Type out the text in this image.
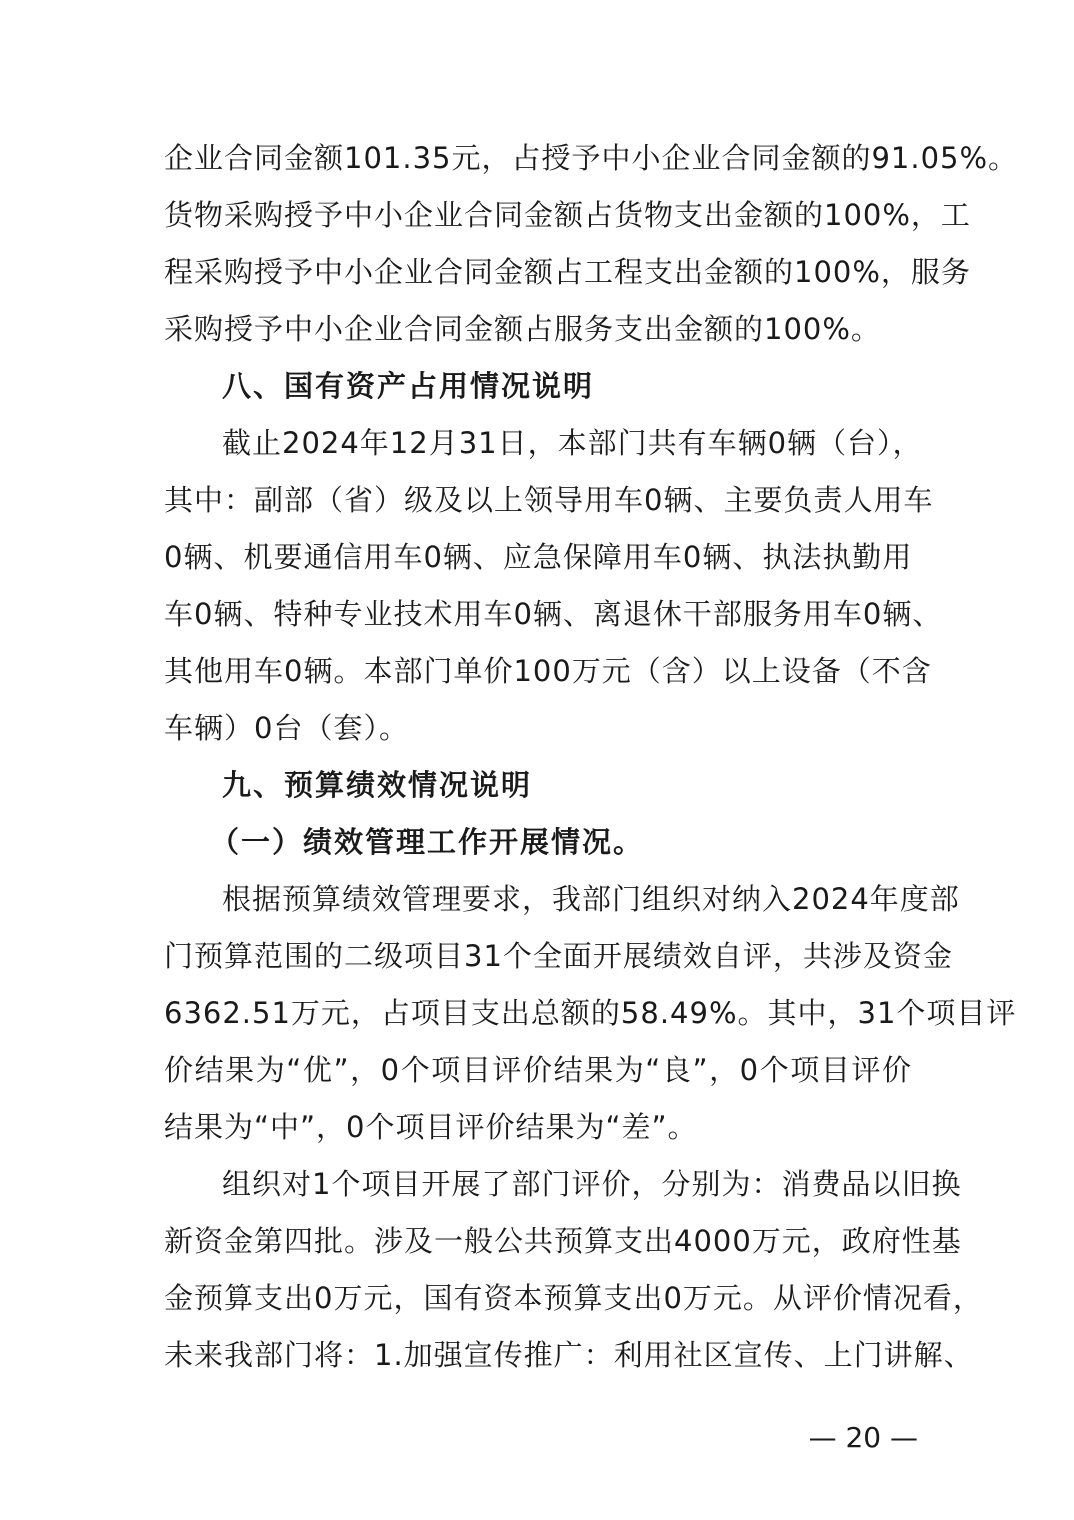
企业合同金额101.35元，占授予中小企业合同金额的91.05%。
货物采购授予中小企业合同金额占货物支出金额的100%，工
程采购授予中小企业合同金额占工程支出金额的100%，服务
采购授予中小企业合同金额占服务支出金额的100%。
八、国有资产占用情况说明
截止2024年12月31日，本部门共有车辆0辆（台），
其中：副部（省）级及以上领导用车0辆、主要负责人用车
0辆、机要通信用车0辆、应急保障用车0辆、执法执勤用
车0辆、特种专业技术用车0辆、离退休干部服务用车0辆、
其他用车0辆。本部门单价100万元（含）以上设备（不含
车辆）0台（套）。
九、预算绩效情况说明
（一）绩效管理工作开展情况。
根据预算绩效管理要求，我部门组织对纳入2024年度部
门预算范围的二级项目31个全面开展绩效自评，共涉及资金
6362.51万元，占项目支出总额的58.49%。其中，31个项目评
价结果为“优”，0个项目评价结果为“良”，0个项目评价
结果为“中”，0个项目评价结果为“差”。
组织对1个项目开展了部门评价，分别为：消费品以旧换
新资金第四批。涉及一般公共预算支出4000万元，政府性基
金预算支出0万元，国有资本预算支出0万元。从评价情况看，
未来我部门将：1.加强宣传推广：利用社区宣传、上门讲解、
— 20 —
